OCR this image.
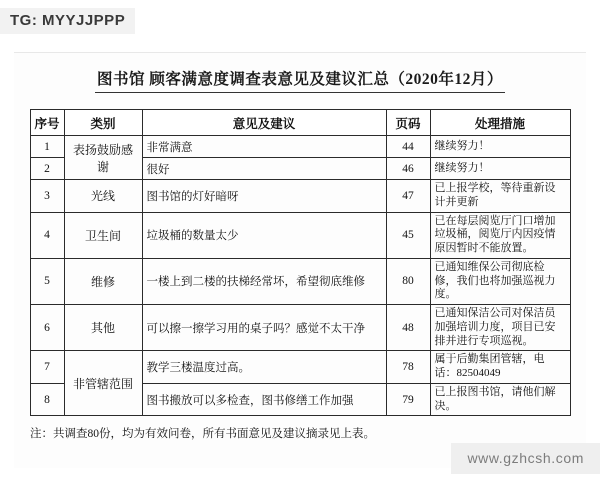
TG: MYYJJPPP
图书馆 顾客满意度调查表意见及建议汇总（2020年12月）
序号	类别	意见及建议	页码	处理措施
1	表扬鼓励感谢	非常满意	44	继续努力！
2		很好	46	继续努力！
3	光线	图书馆的灯好暗呀	47	已上报学校，等待重新设计并更新
4	卫生间	垃圾桶的数量太少	45	已在每层阅览厅门口增加垃圾桶，阅览厅内因疫情原因暂时不能放置。
5	维修	一楼上到二楼的扶梯经常坏，希望彻底维修	80	已通知维保公司彻底检修，我们也将加强巡视力度。
6	其他	可以擦一擦学习用的桌子吗？感觉不太干净	48	已通知保洁公司对保洁员加强培训力度，项目已安排并进行专项巡视。
7	非管辖范围	教学三楼温度过高。	78	属于后勤集团管辖，电话：82504049
8		图书搬放可以多检查，图书修缮工作加强	79	已上报图书馆，请他们解决。
注：共调查80份，均为有效问卷，所有书面意见及建议摘录见上表。
www.gzhcsh.com
